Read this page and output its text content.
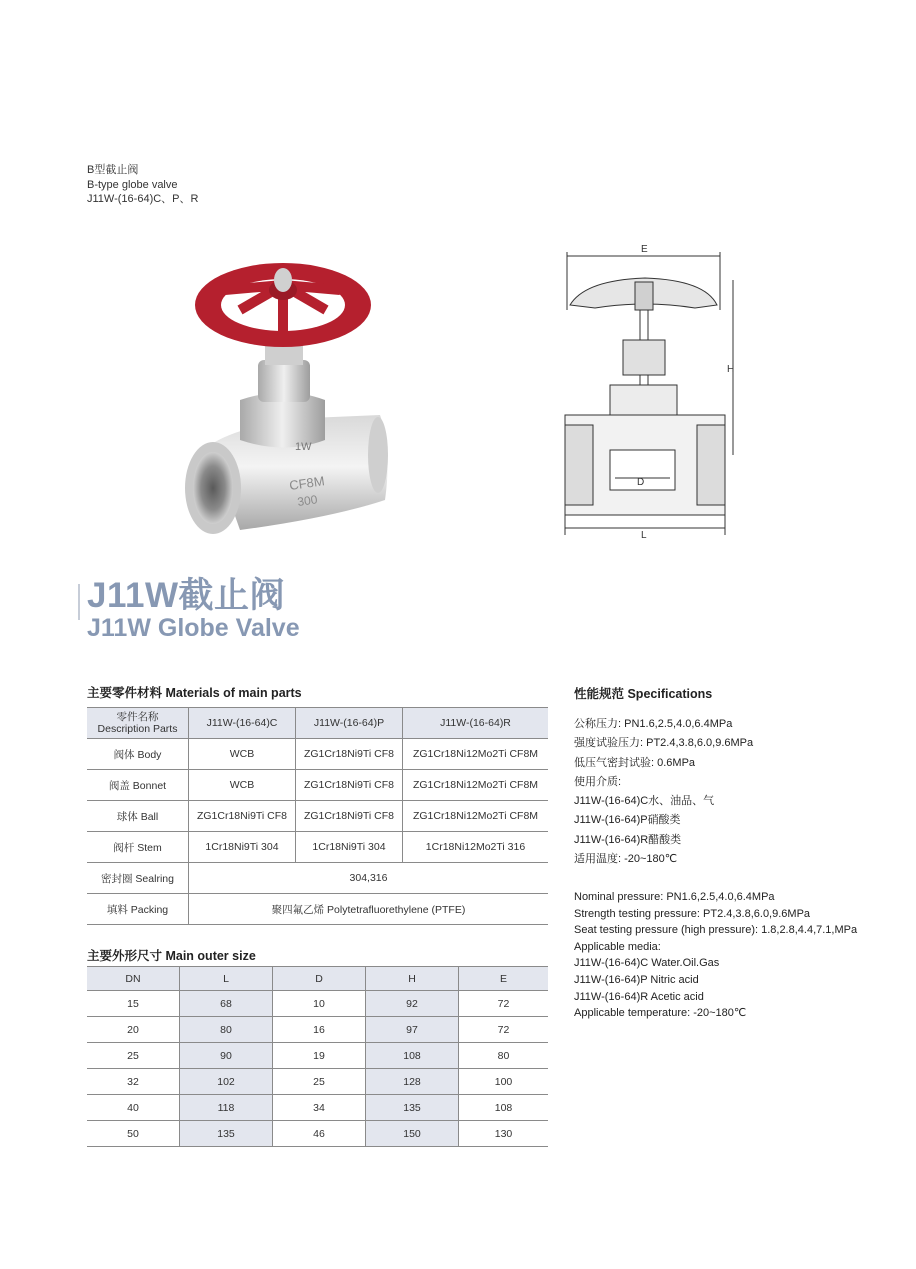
B型截止阀
B-type globe valve
J11W-(16-64)C、P、R
1W
CF8M
300
E
H
D
L
J11W截止阀
J11W Globe Valve
主要零件材料 Materials of main parts
零件名称
Description Parts	J11W-(16-64)C	J11W-(16-64)P	J11W-(16-64)R
阀体 Body	WCB	ZG1Cr18Ni9Ti CF8	ZG1Cr18Ni12Mo2Ti CF8M
阀盖 Bonnet	WCB	ZG1Cr18Ni9Ti CF8	ZG1Cr18Ni12Mo2Ti CF8M
球体 Ball	ZG1Cr18Ni9Ti CF8	ZG1Cr18Ni9Ti CF8	ZG1Cr18Ni12Mo2Ti CF8M
阀杆 Stem	1Cr18Ni9Ti 304	1Cr18Ni9Ti 304	1Cr18Ni12Mo2Ti 316
密封圈 Sealring	304,316		
填料 Packing	聚四氟乙烯 Polytetrafluorethylene (PTFE)		
主要外形尺寸 Main outer size
DN	L	D	H	E
15	68	10	92	72
20	80	16	97	72
25	90	19	108	80
32	102	25	128	100
40	118	34	135	108
50	135	46	150	130
性能规范 Specifications
公称压力: PN1.6,2.5,4.0,6.4MPa
强度试验压力: PT2.4,3.8,6.0,9.6MPa
低压气密封试验: 0.6MPa
使用介质:
J11W-(16-64)C水、油品、气
J11W-(16-64)P硝酸类
J11W-(16-64)R醋酸类
适用温度: -20~180℃
Nominal pressure: PN1.6,2.5,4.0,6.4MPa
Strength testing pressure: PT2.4,3.8,6.0,9.6MPa
Seat testing pressure (high pressure): 1.8,2.8,4.4,7.1,MPa
Applicable media:
J11W-(16-64)C Water.Oil.Gas
J11W-(16-64)P Nitric acid
J11W-(16-64)R Acetic acid
Applicable temperature: -20~180℃
